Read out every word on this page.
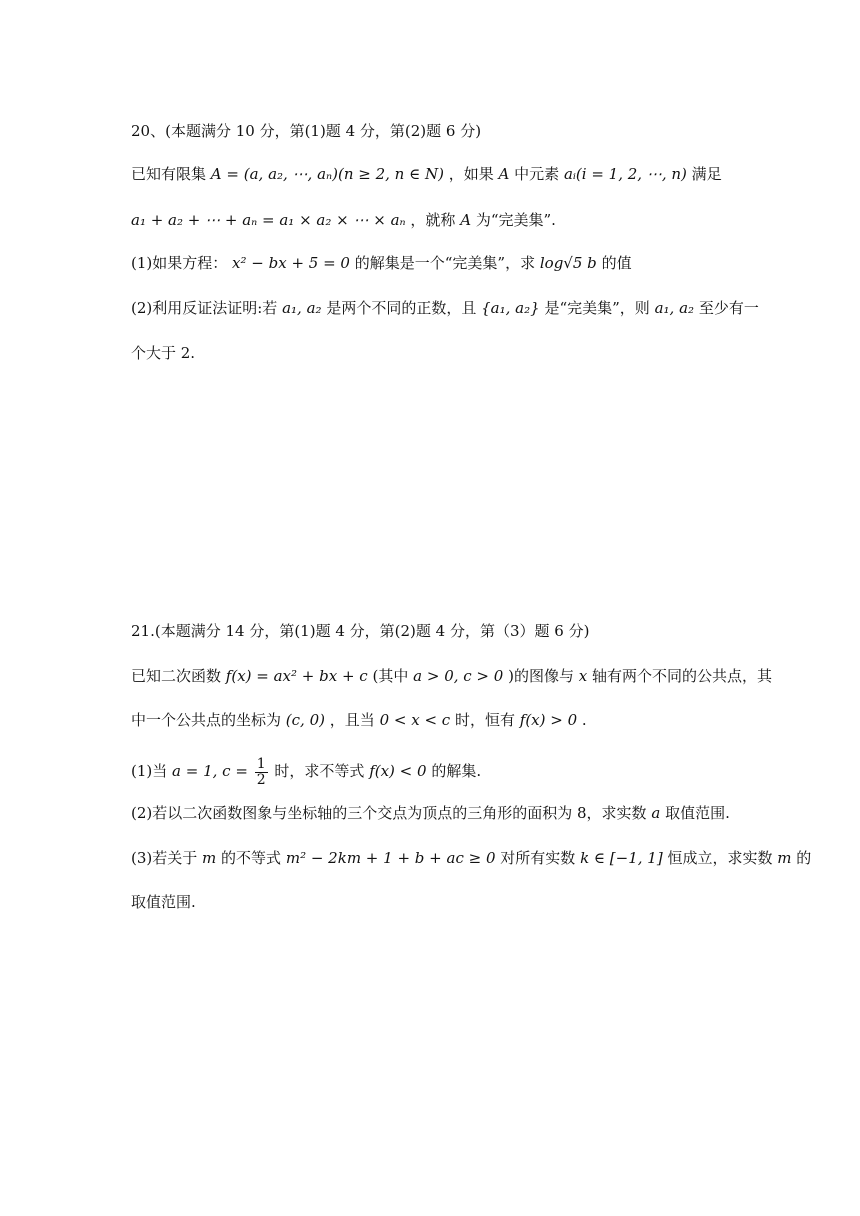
20、(本题满分 10 分，第(1)题 4 分，第(2)题 6 分)
已知有限集 A = (a, a₂, ⋯, aₙ)(n ≥ 2, n ∈ N) ，如果 A 中元素 aᵢ(i = 1, 2, ⋯, n) 满足
a₁ + a₂ + ⋯ + aₙ = a₁ × a₂ × ⋯ × aₙ ，就称 A 为“完美集”.
(1)如果方程： x² − bx + 5 = 0 的解集是一个“完美集”，求 log√5 b 的值
(2)利用反证法证明:若 a₁, a₂ 是两个不同的正数，且 {a₁, a₂} 是“完美集”，则 a₁, a₂ 至少有一
个大于 2.
21.(本题满分 14 分，第(1)题 4 分，第(2)题 4 分，第（3）题 6 分)
已知二次函数 f(x) = ax² + bx + c (其中 a > 0, c > 0 )的图像与 x 轴有两个不同的公共点，其
中一个公共点的坐标为 (c, 0) ，且当 0 < x < c 时，恒有 f(x) > 0 .
(1)当 a = 1, $c = \frac{1}{2}$ 时，求不等式 f(x) < 0 的解集.
(2)若以二次函数图象与坐标轴的三个交点为顶点的三角形的面积为 8，求实数 a 取值范围.
(3)若关于 m 的不等式 m² − 2km + 1 + b + ac ≥ 0 对所有实数 k ∈ [−1, 1] 恒成立，求实数 m 的
取值范围.
